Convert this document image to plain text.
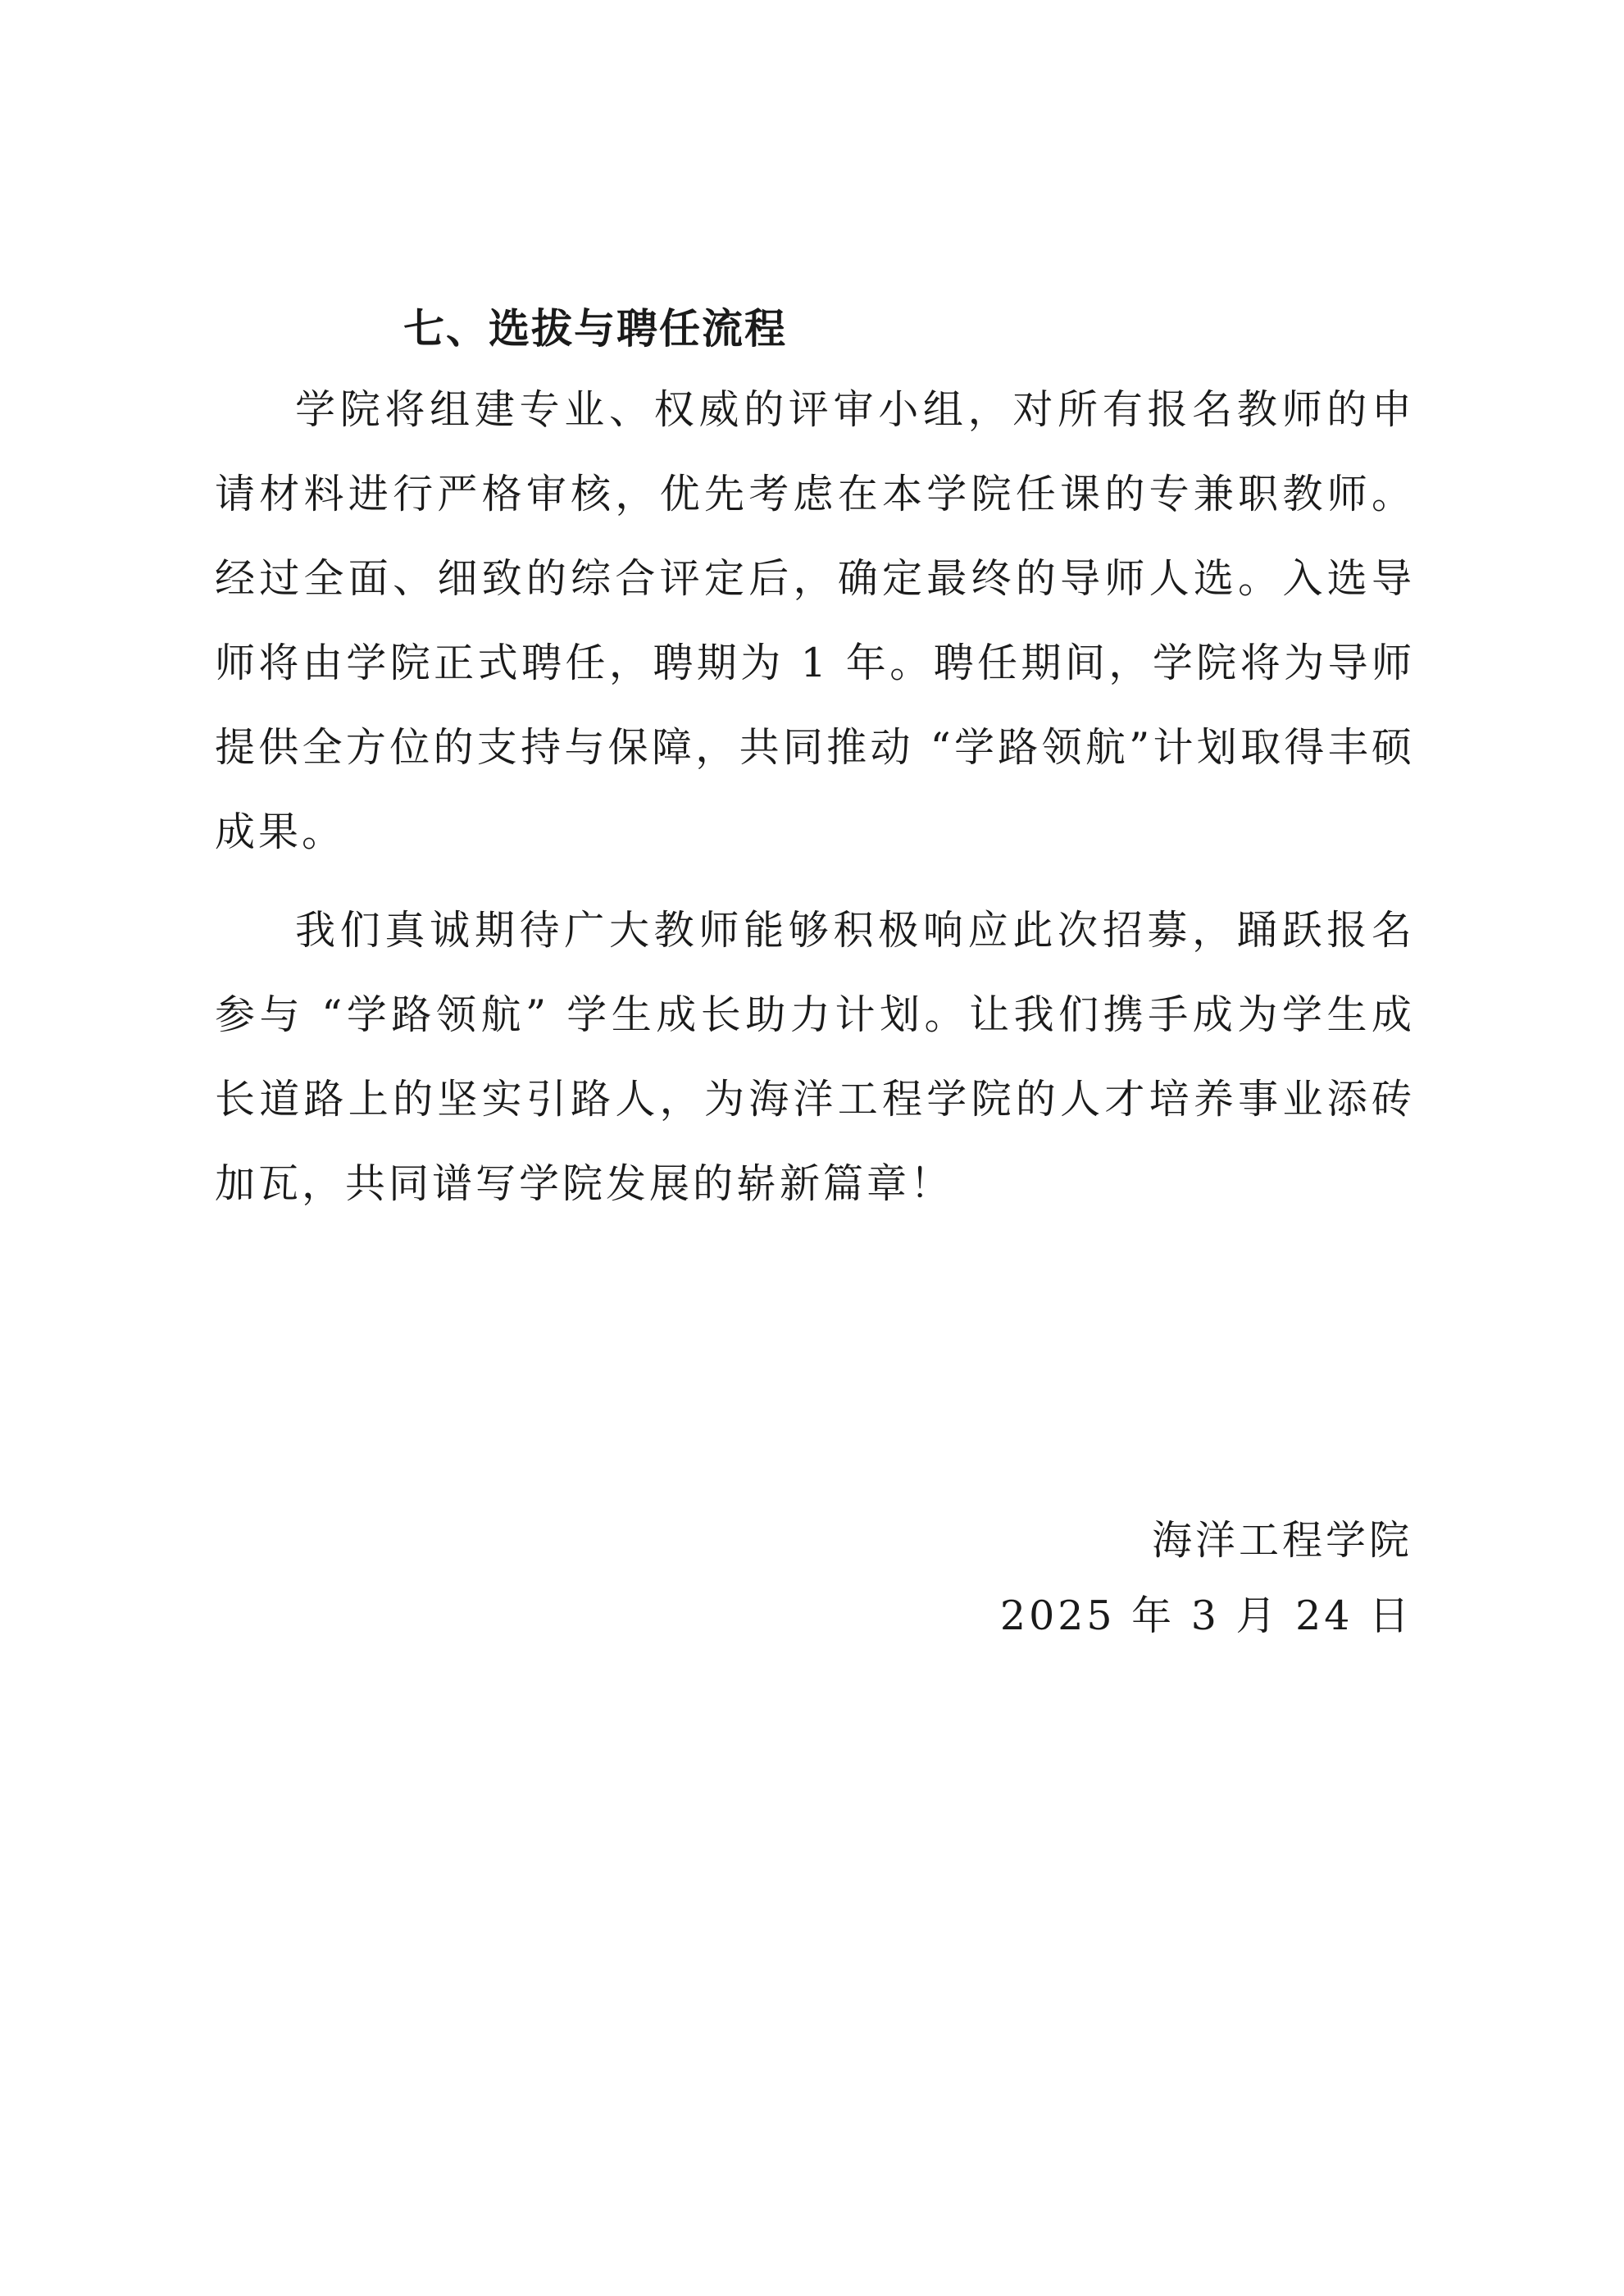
七、选拔与聘任流程

学院将组建专业、权威的评审小组，对所有报名教师的申请材料进行严格审核，优先考虑在本学院任课的专兼职教师。经过全面、细致的综合评定后，确定最终的导师人选。入选导师将由学院正式聘任，聘期为 1 年。聘任期间，学院将为导师提供全方位的支持与保障，共同推动 “学路领航”计划取得丰硕成果。

我们真诚期待广大教师能够积极响应此次招募，踊跃报名参与 “学路领航” 学生成长助力计划。让我们携手成为学生成长道路上的坚实引路人，为海洋工程学院的人才培养事业添砖加瓦，共同谱写学院发展的崭新篇章！

海洋工程学院
2025 年 3 月 24 日
